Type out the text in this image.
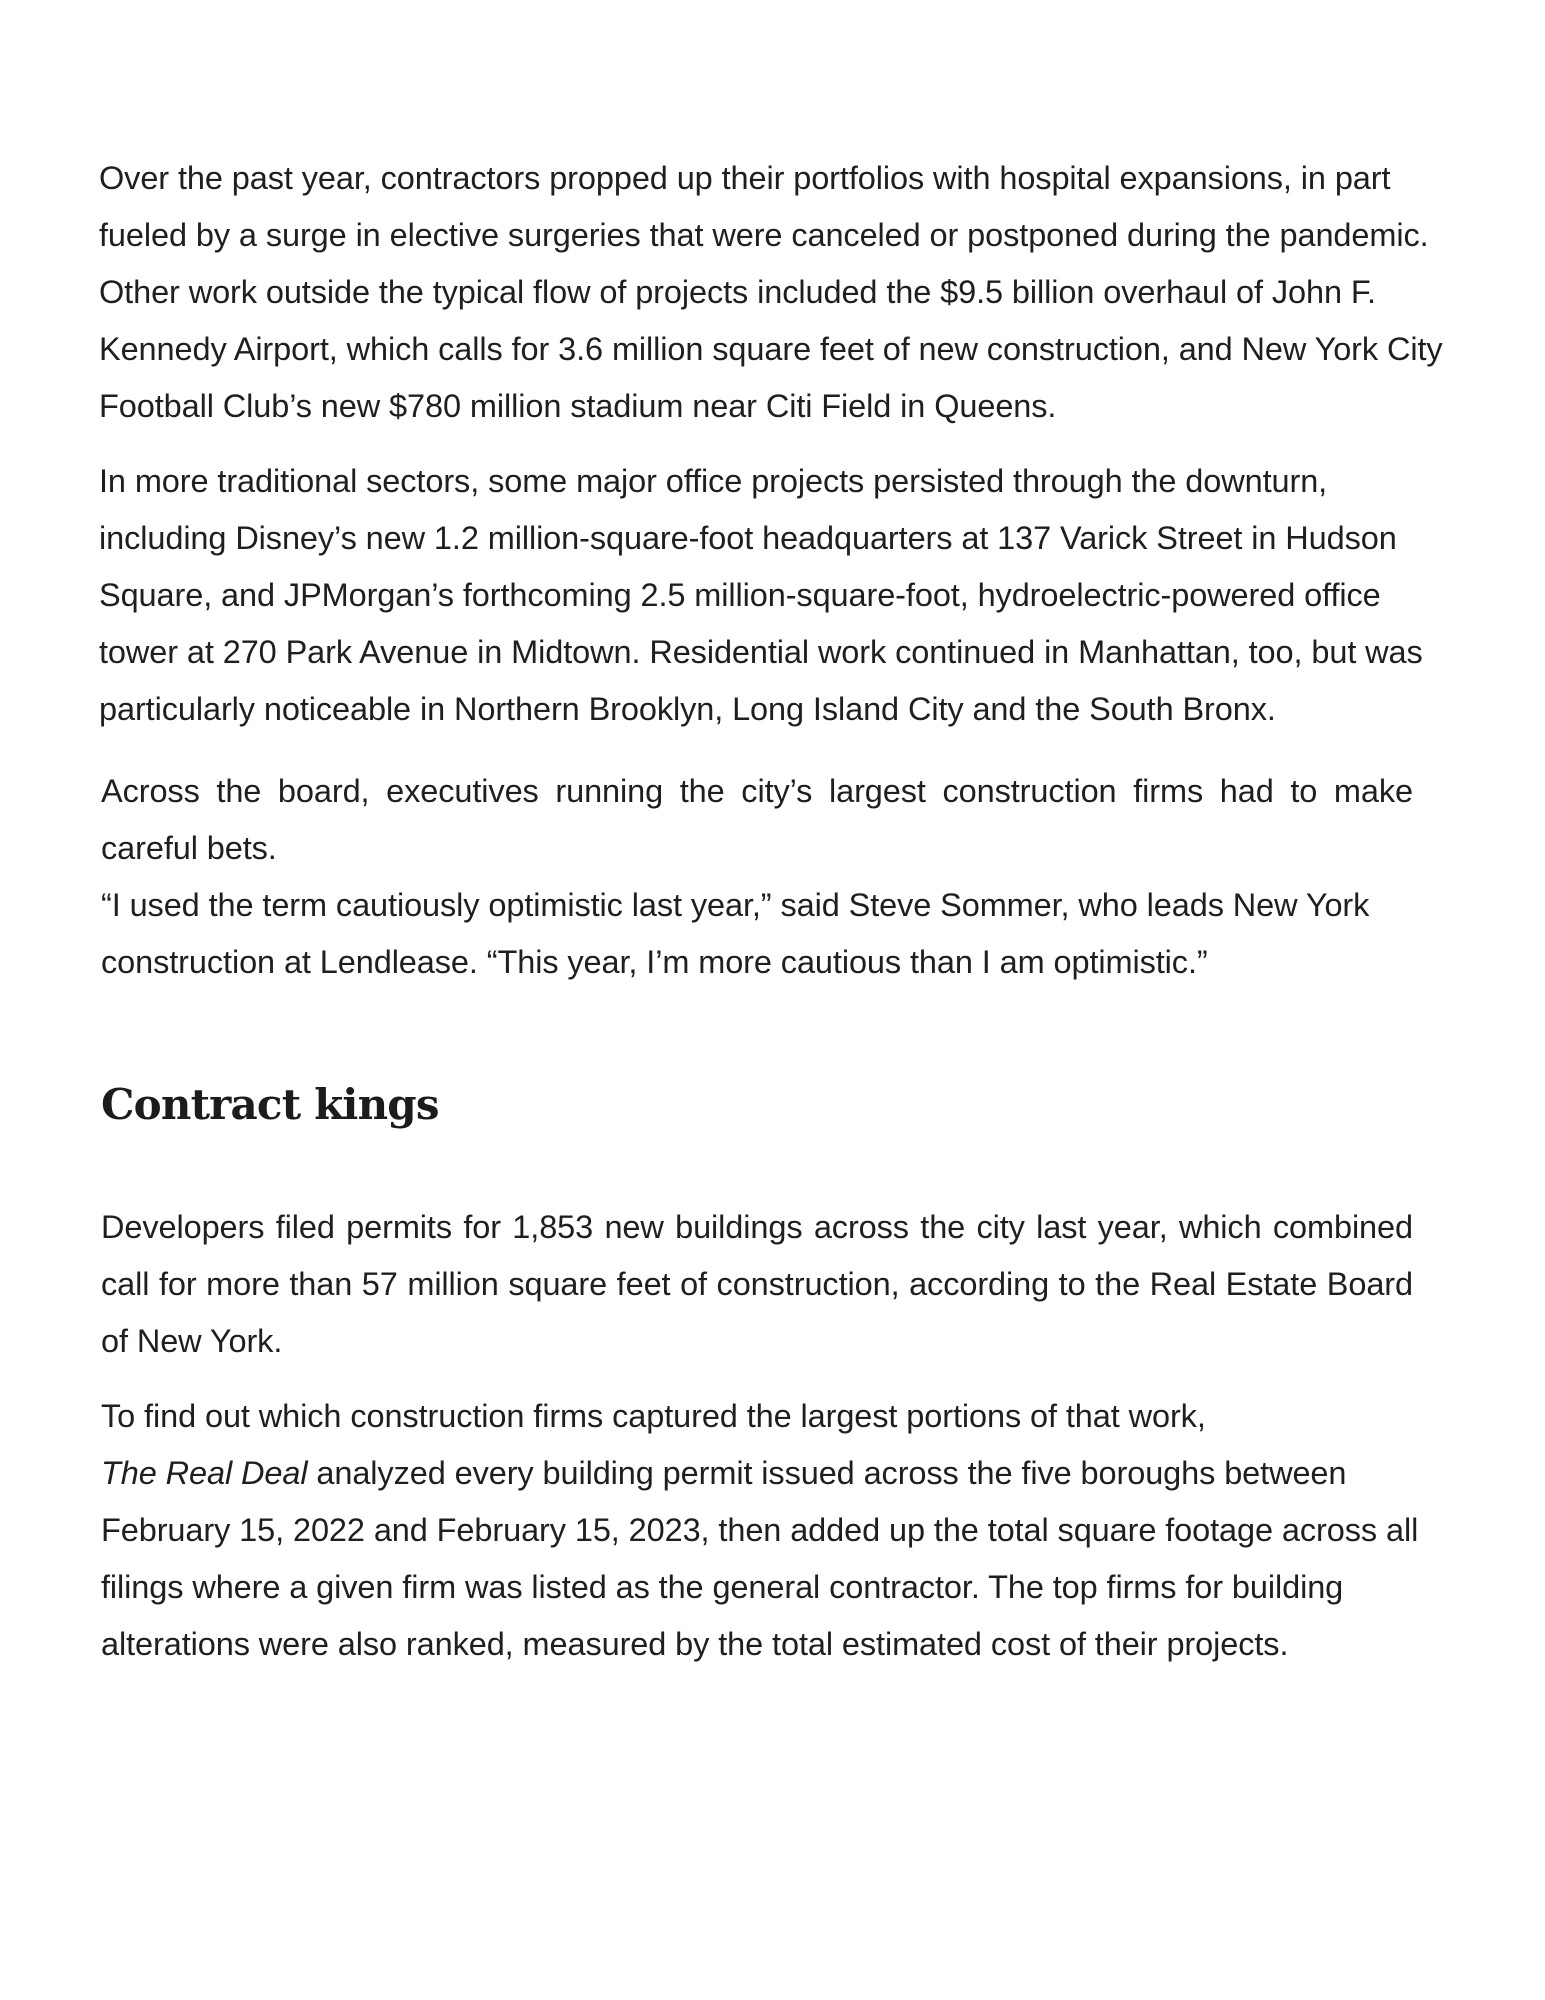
Over the past year, contractors propped up their portfolios with hospital expansions, in part fueled by a surge in elective surgeries that were canceled or postponed during the pandemic. Other work outside the typical flow of projects included the $9.5 billion overhaul of John F. Kennedy Airport, which calls for 3.6 million square feet of new construction, and New York City Football Club’s new $780 million stadium near Citi Field in Queens.

In more traditional sectors, some major office projects persisted through the downturn, including Disney’s new 1.2 million-square-foot headquarters at 137 Varick Street in Hudson Square, and JPMorgan’s forthcoming 2.5 million-square-foot, hydroelectric-powered office tower at 270 Park Avenue in Midtown. Residential work continued in Manhattan, too, but was particularly noticeable in Northern Brooklyn, Long Island City and the South Bronx.

Across the board, executives running the city’s largest construction firms had to make careful bets.

“I used the term cautiously optimistic last year,” said Steve Sommer, who leads New York construction at Lendlease. “This year, I’m more cautious than I am optimistic.”

Contract kings

Developers filed permits for 1,853 new buildings across the city last year, which combined call for more than 57 million square feet of construction, according to the Real Estate Board of New York.

To find out which construction firms captured the largest portions of that work,
The Real Deal analyzed every building permit issued across the five boroughs between February 15, 2022 and February 15, 2023, then added up the total square footage across all filings where a given firm was listed as the general contractor. The top firms for building alterations were also ranked, measured by the total estimated cost of their projects.
